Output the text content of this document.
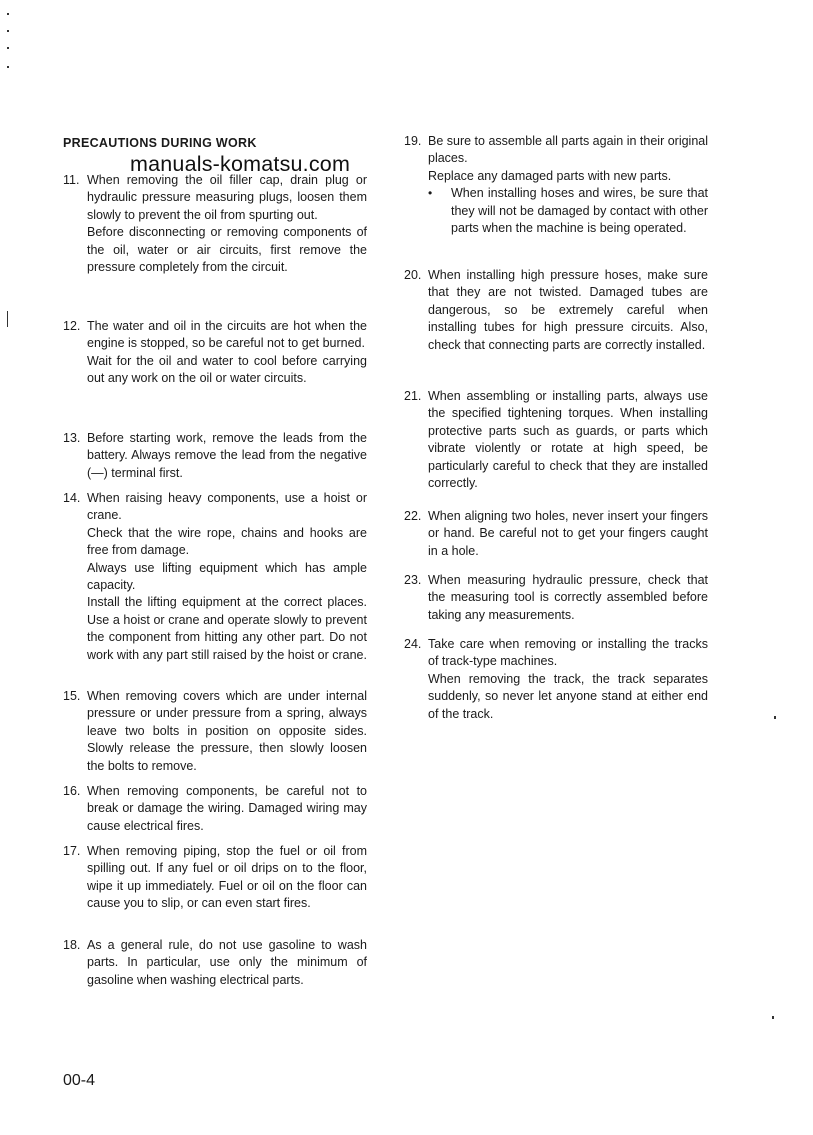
PRECAUTIONS DURING WORK
manuals-komatsu.com
11. When removing the oil filler cap, drain plug or hydraulic pressure measuring plugs, loosen them slowly to prevent the oil from spurting out.
Before disconnecting or removing components of the oil, water or air circuits, first remove the pressure completely from the circuit.
12. The water and oil in the circuits are hot when the engine is stopped, so be careful not to get burned.
Wait for the oil and water to cool before carrying out any work on the oil or water circuits.
13. Before starting work, remove the leads from the battery. Always remove the lead from the negative (—) terminal first.
14. When raising heavy components, use a hoist or crane.
Check that the wire rope, chains and hooks are free from damage.
Always use lifting equipment which has ample capacity.
Install the lifting equipment at the correct places. Use a hoist or crane and operate slowly to prevent the component from hitting any other part. Do not work with any part still raised by the hoist or crane.
15. When removing covers which are under internal pressure or under pressure from a spring, always leave two bolts in position on opposite sides. Slowly release the pressure, then slowly loosen the bolts to remove.
16. When removing components, be careful not to break or damage the wiring. Damaged wiring may cause electrical fires.
17. When removing piping, stop the fuel or oil from spilling out. If any fuel or oil drips on to the floor, wipe it up immediately. Fuel or oil on the floor can cause you to slip, or can even start fires.
18. As a general rule, do not use gasoline to wash parts. In particular, use only the minimum of gasoline when washing electrical parts.
19. Be sure to assemble all parts again in their original places.
Replace any damaged parts with new parts.
• When installing hoses and wires, be sure that they will not be damaged by contact with other parts when the machine is being operated.
20. When installing high pressure hoses, make sure that they are not twisted. Damaged tubes are dangerous, so be extremely careful when installing tubes for high pressure circuits. Also, check that connecting parts are correctly installed.
21. When assembling or installing parts, always use the specified tightening torques. When installing protective parts such as guards, or parts which vibrate violently or rotate at high speed, be particularly careful to check that they are installed correctly.
22. When aligning two holes, never insert your fingers or hand. Be careful not to get your fingers caught in a hole.
23. When measuring hydraulic pressure, check that the measuring tool is correctly assembled before taking any measurements.
24. Take care when removing or installing the tracks of track-type machines.
When removing the track, the track separates suddenly, so never let anyone stand at either end of the track.
00-4
